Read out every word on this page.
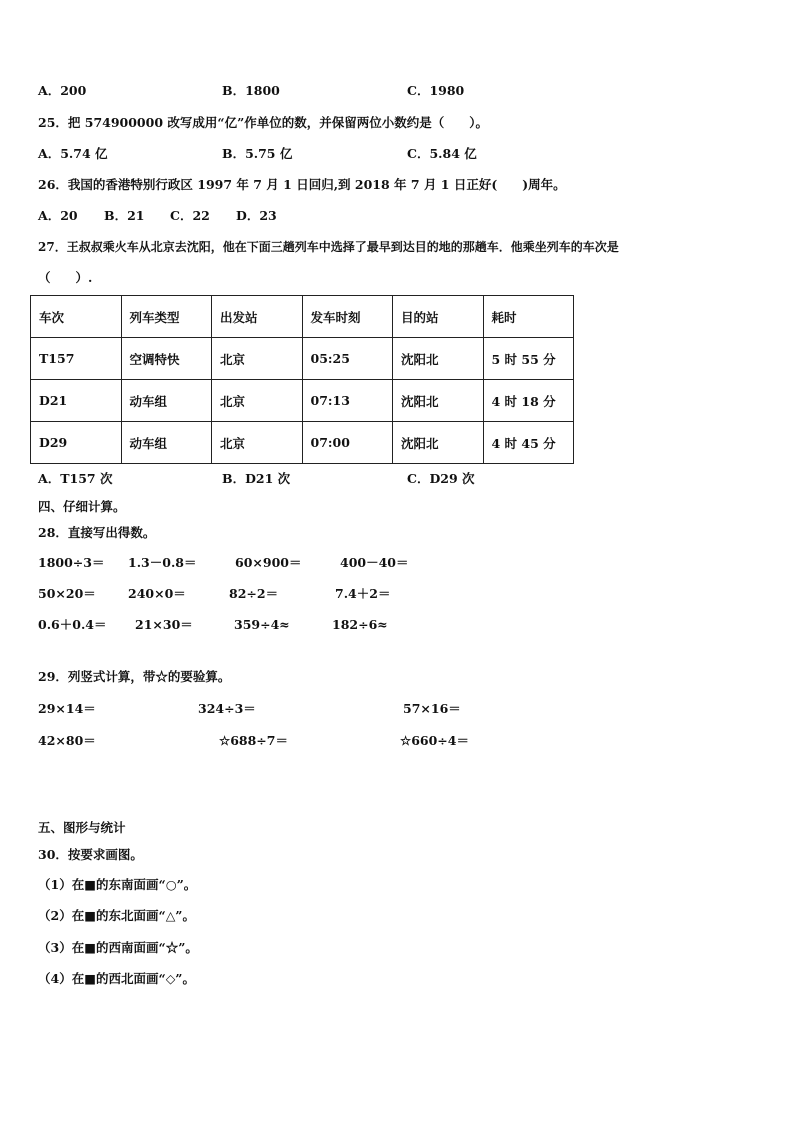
A．200	B．1800	C．1980
25．把 574900000 改写成用“亿”作单位的数，并保留两位小数约是（　　）。
A．5.74 亿	B．5.75 亿	C．5.84 亿
26．我国的香港特别行政区 1997 年 7 月 1 日回归,到 2018 年 7 月 1 日正好(　　)周年。
A．20 B．21 C．22 D．23
27．王叔叔乘火车从北京去沈阳，他在下面三趟列车中选择了最早到达目的地的那趟车．他乘坐列车的车次是
（　　）.
车次	列车类型	出发站	发车时刻	目的站	耗时
T157	空调特快	北京	05:25	沈阳北	5 时 55 分
D21	动车组	北京	07:13	沈阳北	4 时 18 分
D29	动车组	北京	07:00	沈阳北	4 时 45 分
A．T157 次	B．D21 次	C．D29 次
四、仔细计算。
28．直接写出得数。
1800÷3＝ 1.3－0.8＝	60×900＝	400－40＝
50×20＝	240×0＝	82÷2＝	7.4＋2＝
0.6＋0.4＝ 21×30＝	359÷4≈	182÷6≈
29．列竖式计算，带☆的要验算。
29×14＝	324÷3＝	57×16＝
42×80＝	☆688÷7＝	☆660÷4＝
五、图形与统计
30．按要求画图。
（1）在■的东南面画“○”。
（2）在■的东北面画“△”。
（3）在■的西南面画“☆”。
（4）在■的西北面画“◇”。
